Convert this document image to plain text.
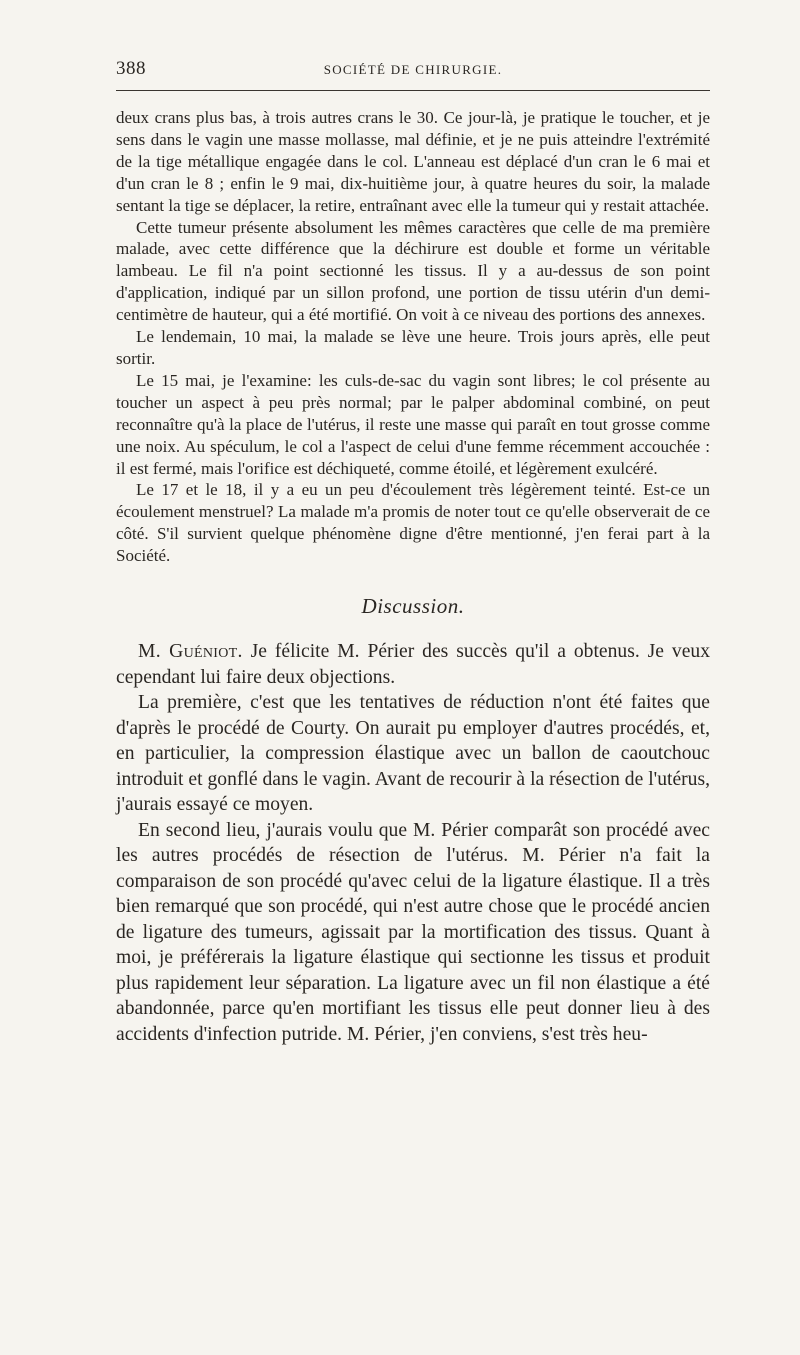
388	SOCIÉTÉ DE CHIRURGIE.

deux crans plus bas, à trois autres crans le 30. Ce jour-là, je pratique le toucher, et je sens dans le vagin une masse mollasse, mal définie, et je ne puis atteindre l'extrémité de la tige métallique engagée dans le col. L'anneau est déplacé d'un cran le 6 mai et d'un cran le 8 ; enfin le 9 mai, dix-huitième jour, à quatre heures du soir, la malade sentant la tige se déplacer, la retire, entraînant avec elle la tumeur qui y restait attachée.

Cette tumeur présente absolument les mêmes caractères que celle de ma première malade, avec cette différence que la déchirure est double et forme un véritable lambeau. Le fil n'a point sectionné les tissus. Il y a au-dessus de son point d'application, indiqué par un sillon profond, une portion de tissu utérin d'un demi-centimètre de hauteur, qui a été mortifié. On voit à ce niveau des portions des annexes.

Le lendemain, 10 mai, la malade se lève une heure. Trois jours après, elle peut sortir.

Le 15 mai, je l'examine: les culs-de-sac du vagin sont libres; le col présente au toucher un aspect à peu près normal; par le palper abdominal combiné, on peut reconnaître qu'à la place de l'utérus, il reste une masse qui paraît en tout grosse comme une noix. Au spéculum, le col a l'aspect de celui d'une femme récemment accouchée : il est fermé, mais l'orifice est déchiqueté, comme étoilé, et légèrement exulcéré.

Le 17 et le 18, il y a eu un peu d'écoulement très légèrement teinté. Est-ce un écoulement menstruel? La malade m'a promis de noter tout ce qu'elle observerait de ce côté. S'il survient quelque phénomène digne d'être mentionné, j'en ferai part à la Société.

Discussion.

M. Guéniot. Je félicite M. Périer des succès qu'il a obtenus. Je veux cependant lui faire deux objections.

La première, c'est que les tentatives de réduction n'ont été faites que d'après le procédé de Courty. On aurait pu employer d'autres procédés, et, en particulier, la compression élastique avec un ballon de caoutchouc introduit et gonflé dans le vagin. Avant de recourir à la résection de l'utérus, j'aurais essayé ce moyen.

En second lieu, j'aurais voulu que M. Périer comparât son procédé avec les autres procédés de résection de l'utérus. M. Périer n'a fait la comparaison de son procédé qu'avec celui de la ligature élastique. Il a très bien remarqué que son procédé, qui n'est autre chose que le procédé ancien de ligature des tumeurs, agissait par la mortification des tissus. Quant à moi, je préférerais la ligature élastique qui sectionne les tissus et produit plus rapidement leur séparation. La ligature avec un fil non élastique a été abandonnée, parce qu'en mortifiant les tissus elle peut donner lieu à des accidents d'infection putride. M. Périer, j'en conviens, s'est très heu-
